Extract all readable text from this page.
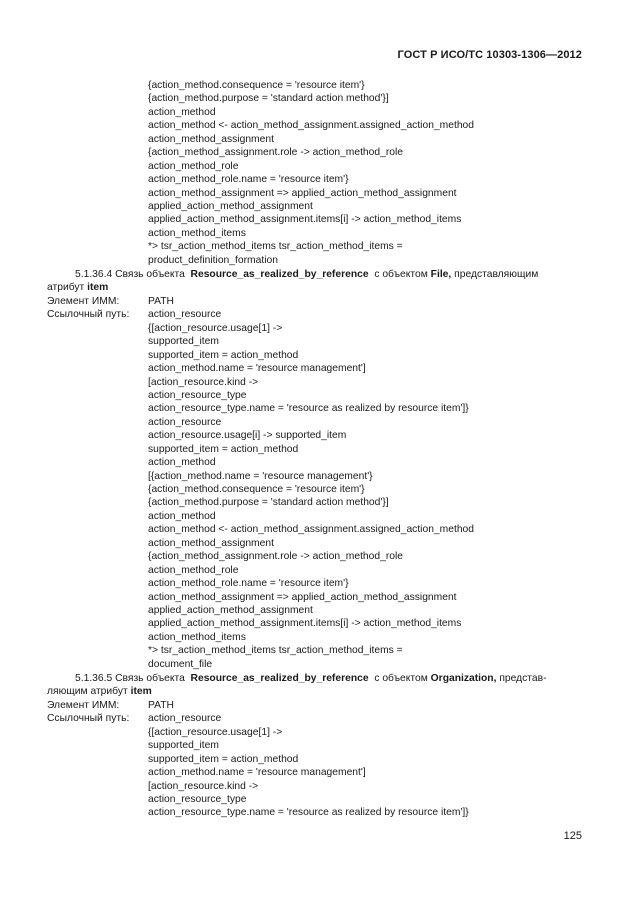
ГОСТ Р ИСО/ТС 10303-1306—2012
{action_method.consequence = 'resource item'}
{action_method.purpose = 'standard action method'}]
action_method
action_method <- action_method_assignment.assigned_action_method
action_method_assignment
{action_method_assignment.role -> action_method_role
action_method_role
action_method_role.name = 'resource item'}
action_method_assignment => applied_action_method_assignment
applied_action_method_assignment
applied_action_method_assignment.items[i] -> action_method_items
action_method_items
*> tsr_action_method_items tsr_action_method_items =
product_definition_formation
5.1.36.4 Связь объекта Resource_as_realized_by_reference с объектом File, представляющим
атрибут item
Элемент ИММ:	PATH
Ссылочный путь:	action_resource
{[action_resource.usage[1] ->
supported_item
supported_item = action_method
action_method.name = 'resource management']
[action_resource.kind ->
action_resource_type
action_resource_type.name = 'resource as realized by resource item']}
action_resource
action_resource.usage[i] -> supported_item
supported_item = action_method
action_method
[{action_method.name = 'resource management'}
{action_method.consequence = 'resource item'}
{action_method.purpose = 'standard action method'}]
action_method
action_method <- action_method_assignment.assigned_action_method
action_method_assignment
{action_method_assignment.role -> action_method_role
action_method_role
action_method_role.name = 'resource item'}
action_method_assignment => applied_action_method_assignment
applied_action_method_assignment
applied_action_method_assignment.items[i] -> action_method_items
action_method_items
*> tsr_action_method_items tsr_action_method_items =
document_file
5.1.36.5 Связь объекта Resource_as_realized_by_reference с объектом Organization, представ-
ляющим атрибут item
Элемент ИММ:	PATH
Ссылочный путь:	action_resource
{[action_resource.usage[1] ->
supported_item
supported_item = action_method
action_method.name = 'resource management']
[action_resource.kind ->
action_resource_type
action_resource_type.name = 'resource as realized by resource item']}
125
